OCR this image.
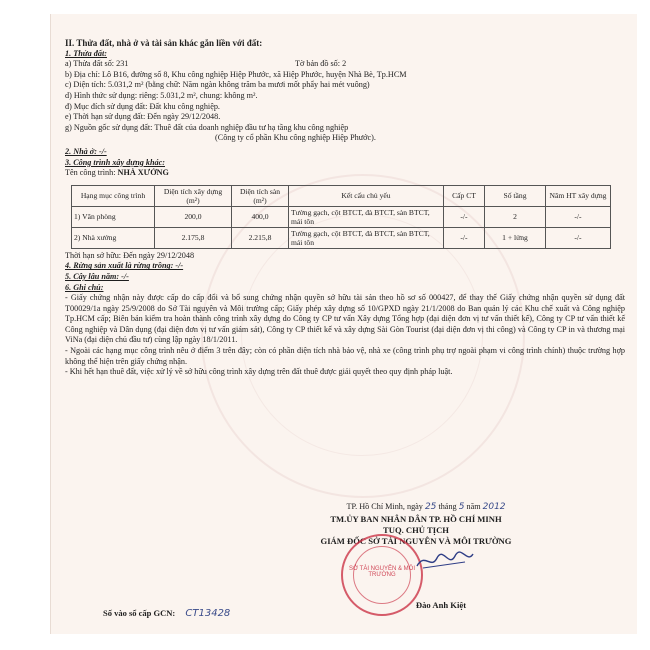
II. Thửa đất, nhà ở và tài sản khác gắn liền với đất:
1. Thửa đất:
a) Thửa đất số: 231	Tờ bản đồ số: 2
b) Địa chỉ: Lô B16, đường số 8, Khu công nghiệp Hiệp Phước, xã Hiệp Phước, huyện Nhà Bè, Tp.HCM
c) Diện tích: 5.031,2 m² (bằng chữ: Năm ngàn không trăm ba mươi mốt phẩy hai mét vuông)
d) Hình thức sử dụng: riêng: 5.031,2 m², chung: không m².
đ) Mục đích sử dụng đất: Đất khu công nghiệp.
e) Thời hạn sử dụng đất: Đến ngày 29/12/2048.
g) Nguồn gốc sử dụng đất: Thuê đất của doanh nghiệp đầu tư hạ tầng khu công nghiệp
(Công ty cổ phần Khu công nghiệp Hiệp Phước).
2. Nhà ở: -/-
3. Công trình xây dựng khác:
Tên công trình: NHÀ XƯỞNG
Hạng mục công trình	Diện tích xây dựng (m²)	Diện tích sàn (m²)	Kết cấu chủ yếu	Cấp CT	Số tầng	Năm HT xây dựng
1) Văn phòng	200,0	400,0	Tường gạch, cột BTCT, đà BTCT, sàn BTCT, mái tôn	-/-	2	-/-
2) Nhà xưởng	2.175,8	2.215,8	Tường gạch, cột BTCT, đà BTCT, sàn BTCT, mái tôn	-/-	1 + lửng	-/-
Thời hạn sở hữu: Đến ngày 29/12/2048
4. Rừng sản xuất là rừng trồng: -/-
5. Cây lâu năm: -/-
6. Ghi chú:
- Giấy chứng nhận này được cấp do cấp đổi và bổ sung chứng nhận quyền sở hữu tài sản theo hồ sơ số 000427, để thay thế Giấy chứng nhận quyền sử dụng đất T00029/1a ngày 25/9/2008 do Sở Tài nguyên và Môi trường cấp; Giấy phép xây dựng số 10/GPXD ngày 21/1/2008 do Ban quản lý các Khu chế xuất và Công nghiệp Tp.HCM cấp; Biên bản kiểm tra hoàn thành công trình xây dựng do Công ty CP tư vấn Xây dựng Tổng hợp (đại diện đơn vị tư vấn thiết kế), Công ty CP tư vấn thiết kế Công nghiệp và Dân dụng (đại diện đơn vị tư vấn giám sát), Công ty CP thiết kế và xây dựng Sài Gòn Tourist (đại diện đơn vị thi công) và Công ty CP in và thương mại ViNa (đại diện chủ đầu tư) cùng lập ngày 18/1/2011.
- Ngoài các hạng mục công trình nêu ở điểm 3 trên đây; còn có phần diện tích nhà bảo vệ, nhà xe (công trình phụ trợ ngoài phạm vi công trình chính) thuộc trường hợp không thể hiện trên giấy chứng nhận.
- Khi hết hạn thuê đất, việc xử lý về sở hữu công trình xây dựng trên đất thuê được giải quyết theo quy định pháp luật.
TP. Hồ Chí Minh, ngày 25 tháng 5 năm 2012
TM.ỦY BAN NHÂN DÂN TP. HỒ CHÍ MINH
TUQ. CHỦ TỊCH
GIÁM ĐỐC SỞ TÀI NGUYÊN VÀ MÔI TRƯỜNG
SỞ TÀI NGUYÊN & MÔI TRƯỜNG
Đào Anh Kiệt
Số vào sổ cấp GCN: CT13428
